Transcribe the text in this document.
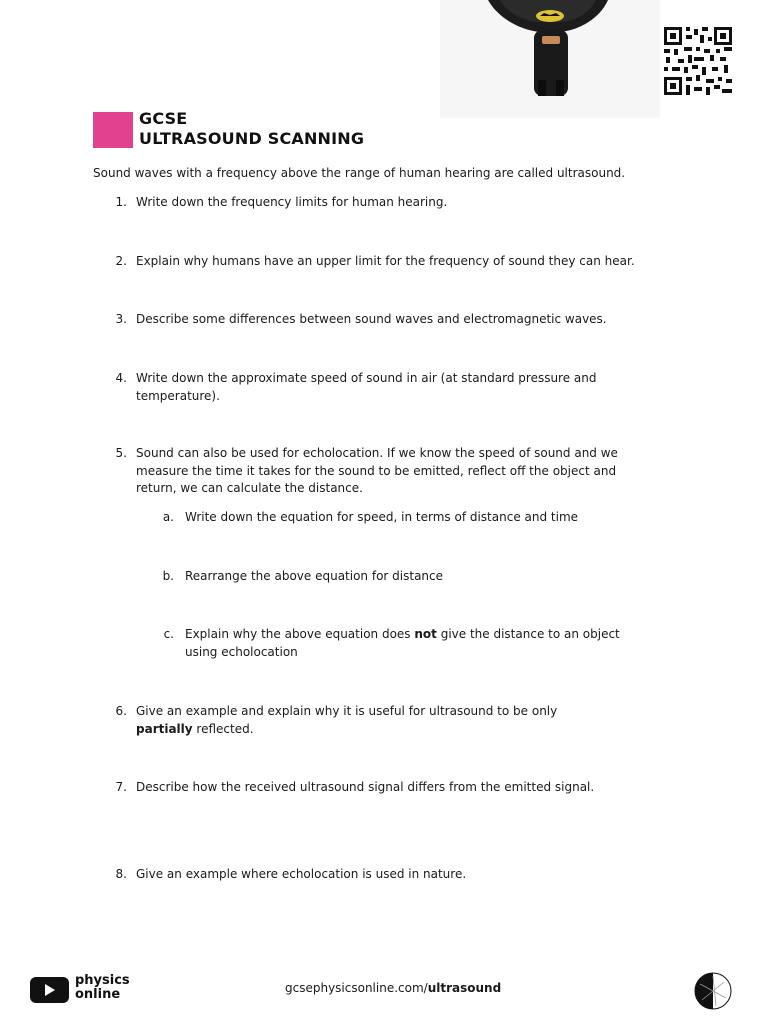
GCSE
ULTRASOUND SCANNING
Sound waves with a frequency above the range of human hearing are called ultrasound.
1. Write down the frequency limits for human hearing.
2. Explain why humans have an upper limit for the frequency of sound they can hear.
3. Describe some differences between sound waves and electromagnetic waves.
4. Write down the approximate speed of sound in air (at standard pressure and temperature).
5. Sound can also be used for echolocation. If we know the speed of sound and we measure the time it takes for the sound to be emitted, reflect off the object and return, we can calculate the distance.
a. Write down the equation for speed, in terms of distance and time
b. Rearrange the above equation for distance
c. Explain why the above equation does not give the distance to an object using echolocation
6. Give an example and explain why it is useful for ultrasound to be only partially reflected.
7. Describe how the received ultrasound signal differs from the emitted signal.
8. Give an example where echolocation is used in nature.
physics
online	gcsephysicsonline.com/ultrasound
